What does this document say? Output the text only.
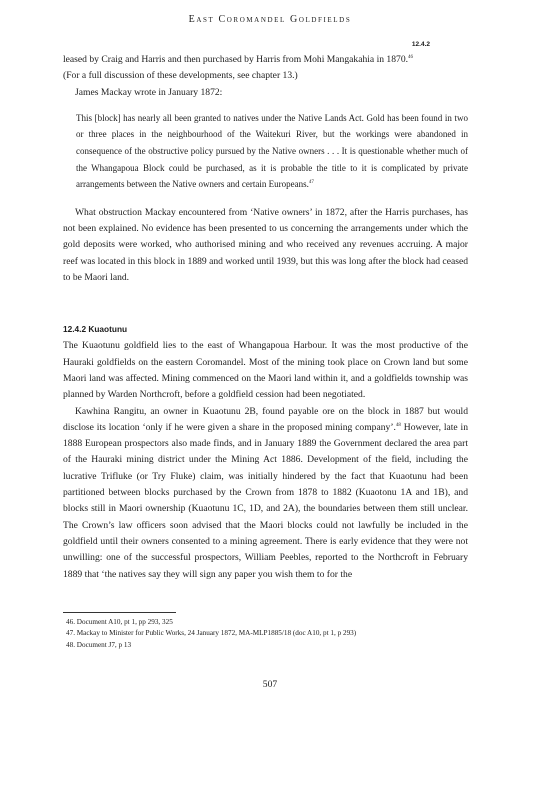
East Coromandel Goldfields
12.4.2

leased by Craig and Harris and then purchased by Harris from Mohi Mangakahia in 1870.46
(For a full discussion of these developments, see chapter 13.)

James Mackay wrote in January 1872:

This [block] has nearly all been granted to natives under the Native Lands Act. Gold has been found in two or three places in the neighbourhood of the Waitekuri River, but the workings were abandoned in consequence of the obstructive policy pursued by the Native owners . . . It is questionable whether much of the Whangapoua Block could be purchased, as it is probable the title to it is complicated by private arrangements between the Native owners and certain Europeans.$^{47}$

What obstruction Mackay encountered from ‘Native owners’ in 1872, after the Harris purchases, has not been explained. No evidence has been presented to us concerning the arrangements under which the gold deposits were worked, who authorised mining and who received any revenues accruing. A major reef was located in this block in 1889 and worked until 1939, but this was long after the block had ceased to be Maori land.

12.4.2 Kuaotunu

The Kuaotunu goldfield lies to the east of Whangapoua Harbour. It was the most productive of the Hauraki goldfields on the eastern Coromandel. Most of the mining took place on Crown land but some Maori land was affected. Mining commenced on the Maori land within it, and a goldfields township was planned by Warden Northcroft, before a goldfield cession had been negotiated.

Kawhina Rangitu, an owner in Kuaotunu 2B, found payable ore on the block in 1887 but would disclose its location ‘only if he were given a share in the proposed mining company’.$^{48}$ However, late in 1888 European prospectors also made finds, and in January 1889 the Government declared the area part of the Hauraki mining district under the Mining Act 1886. Development of the field, including the lucrative Trifluke (or Try Fluke) claim, was initially hindered by the fact that Kuaotunu had been partitioned between blocks purchased by the Crown from 1878 to 1882 (Kuaotonu 1A and 1B), and blocks still in Maori ownership (Kuaotunu 1C, 1D, and 2A), the boundaries between them still unclear. The Crown’s law officers soon advised that the Maori blocks could not lawfully be included in the goldfield until their owners consented to a mining agreement. There is early evidence that they were not unwilling: one of the successful prospectors, William Peebles, reported to the Northcroft in February 1889 that ‘the natives say they will sign any paper you wish them to for the

46. Document A10, pt 1, pp 293, 325
47. Mackay to Minister for Public Works, 24 January 1872, MA-MLP1885/18 (doc A10, pt 1, p 293)
48. Document J7, p 13
507
